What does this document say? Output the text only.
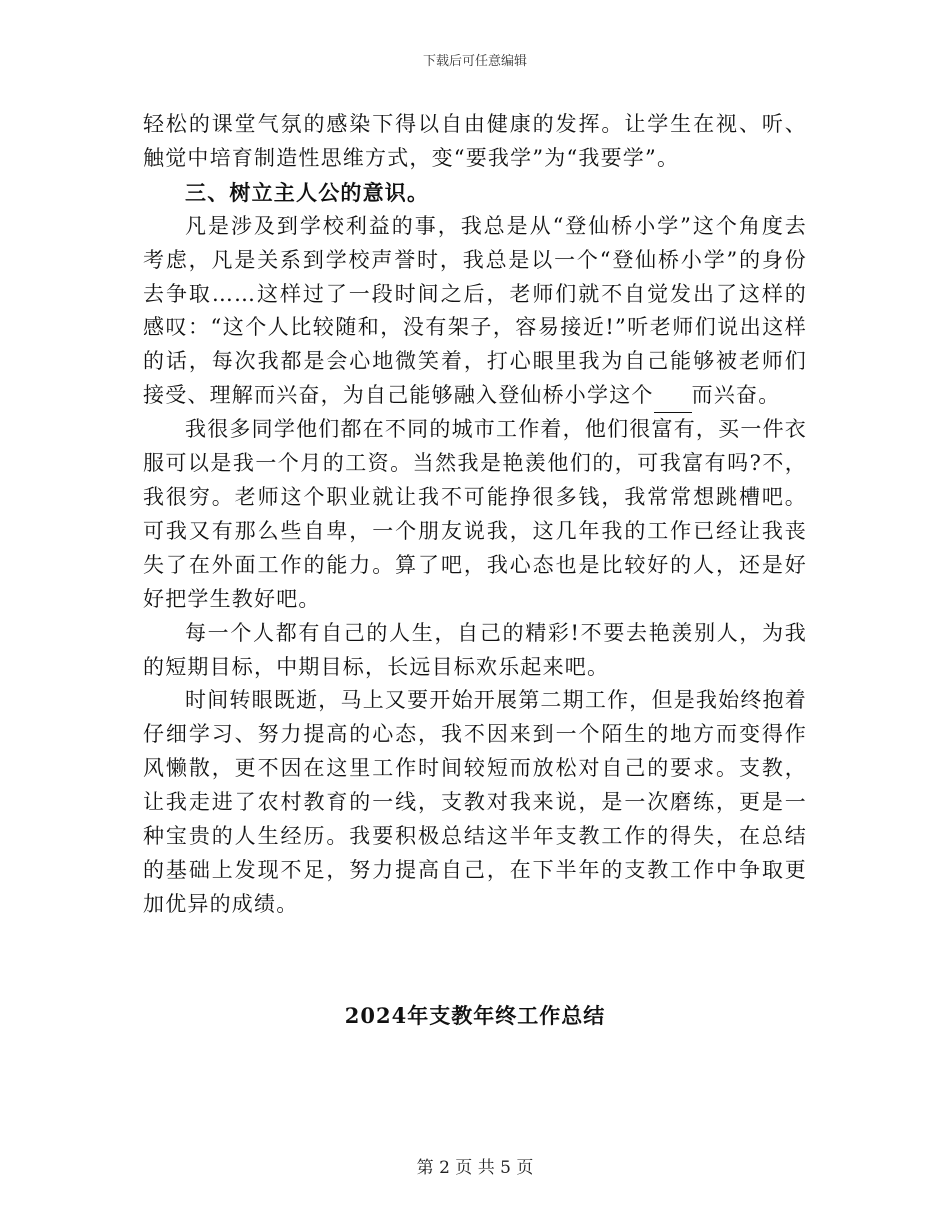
下载后可任意编辑

轻松的课堂气氛的感染下得以自由健康的发挥。让学生在视、听、触觉中培育制造性思维方式，变“要我学”为“我要学”。

三、树立主人公的意识。

凡是涉及到学校利益的事，我总是从“登仙桥小学”这个角度去考虑，凡是关系到学校声誉时，我总是以一个“登仙桥小学”的身份去争取……这样过了一段时间之后，老师们就不自觉发出了这样的感叹：“这个人比较随和，没有架子，容易接近!”听老师们说出这样的话，每次我都是会心地微笑着，打心眼里我为自己能够被老师们接受、理解而兴奋，为自己能够融入登仙桥小学这个 而兴奋。

我很多同学他们都在不同的城市工作着，他们很富有，买一件衣服可以是我一个月的工资。当然我是艳羡他们的，可我富有吗?不，我很穷。老师这个职业就让我不可能挣很多钱，我常常想跳槽吧。可我又有那么些自卑，一个朋友说我，这几年我的工作已经让我丧失了在外面工作的能力。算了吧，我心态也是比较好的人，还是好好把学生教好吧。

每一个人都有自己的人生，自己的精彩!不要去艳羡别人，为我的短期目标，中期目标，长远目标欢乐起来吧。

时间转眼既逝，马上又要开始开展第二期工作，但是我始终抱着仔细学习、努力提高的心态，我不因来到一个陌生的地方而变得作风懒散，更不因在这里工作时间较短而放松对自己的要求。支教，让我走进了农村教育的一线，支教对我来说，是一次磨练，更是一种宝贵的人生经历。我要积极总结这半年支教工作的得失，在总结的基础上发现不足，努力提高自己，在下半年的支教工作中争取更加优异的成绩。

2024年支教年终工作总结
第 2 页 共 5 页
